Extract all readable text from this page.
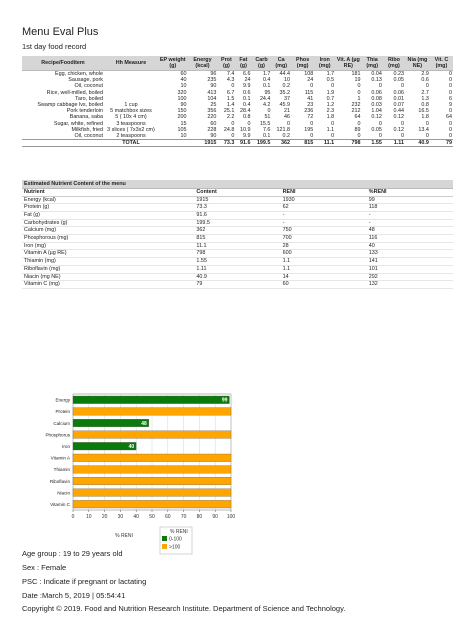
Menu Eval Plus
1st day food record
Recipe/Fooditem	Hh Measure	EP weight (g)	Energy (kcal)	Prot (g)	Fat (g)	Carb (g)	Ca (mg)	Phos (mg)	Iron (mg)	Vit. A (µg RE)	Thia (mg)	Ribo (mg)	Nia (mg NE)	Vit. C (mg)
Egg, chicken, whole		60	96	7.4	6.6	1.7	44.4	108	1.7	181	0.04	0.23	2.9	0
Sausage, pork		40	235	4.3	24	0.4	10	24	0.5	19	0.13	0.05	0.6	0
Oil, coconut		10	90	0	9.9	0.1	0.2	0	0	0	0	0	0	0
Rice, well-milled, boiled		320	413	6.7	0.6	95	35.2	115	1.9	0	0.06	0.06	2.7	0
Taro, boiled		100	104	1.5	0.1	24.4	37	41	0.7	1	0.08	0.01	1.3	6
Swamp cabbage lvs, boiled	1 cup	90	25	1.4	0.4	4.2	45.9	23	1.2	232	0.03	0.07	0.8	9
Pork tenderloin	5 matchbox sizes	150	356	25.1	28.4	0	21	236	2.3	212	1.04	0.44	16.5	0
Banana, saba	5 ( 10x 4 cm)	200	220	2.2	0.8	51	46	72	1.8	64	0.12	0.12	1.8	64
Sugar, white, refined	3 teaspoons	15	60	0	0	15.5	0	0	0	0	0	0	0	0
Milkfish, fried	3 slices ( 7x3x2 cm)	105	228	24.8	10.9	7.6	121.8	195	1.1	89	0.05	0.12	13.4	0
Oil, coconut	2 teaspoons	10	90	0	9.9	0.1	0.2	0	0	0	0	0	0	0
	TOTAL		1915	73.3	91.6	199.5	362	815	11.1	798	1.55	1.11	40.9	79
Estimated Nutrient Content of the menu
Nutrient	Content	RENI	%RENI
Energy (kcal)	1915	1930	99
Protein (g)	73.3	62	118
Fat (g)	91.6	-	-
Carbohydrates (g)	199.5	-	-
Calcium (mg)	362	750	48
Phosphorous (mg)	815	700	116
Iron (mg)	11.1	28	40
Vitamin A (µg RE)	798	600	133
Thiamin (mg)	1.55	1.1	141
Riboflavin (mg)	1.11	1.1	101
Niacin (mg NE)	40.9	14	292
Vitamin C (mg)	79	60	132
0 10 20 30 40 50 60 70 80 90 100
Energy	99
Protein
Calcium	48
Phosphorus
Iron	40
Vitamin A
Thiamin
Riboflavin
Niacin
Vitamin C
% RENI
% RENI
0-100
>100
Age group : 19 to 29 years old
Sex : Female
PSC : Indicate if pregnant or lactating
Date :March 5, 2019 | 05:54:41
Copyright © 2019. Food and Nutrition Research Institute. Department of Science and Technology.
